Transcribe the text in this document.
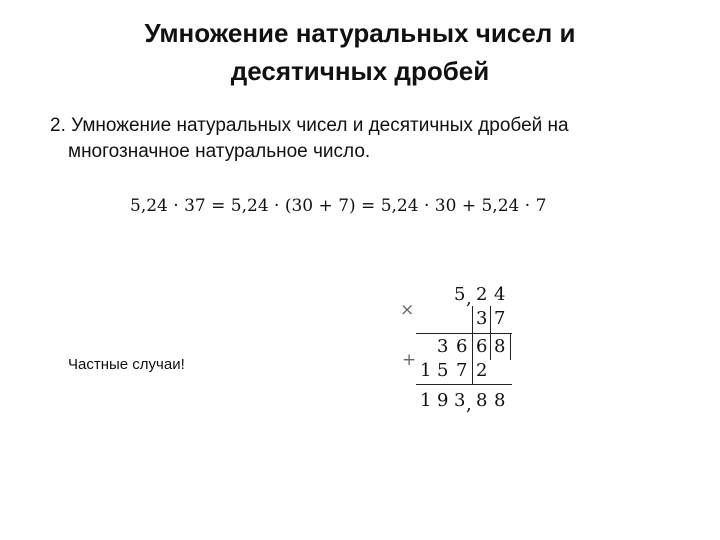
Умножение натуральных чисел и
десятичных дробей
2. Умножение натуральных чисел и десятичных дробей на
многозначное натуральное число.
5,24 · 37 = 5,24 · (30 + 7) = 5,24 · 30 + 5,24 · 7
Частные случаи!
×
+
5 , 2 4
3 7
3 6 6 8
1 5 7 2
1 9 3 , 8 8
